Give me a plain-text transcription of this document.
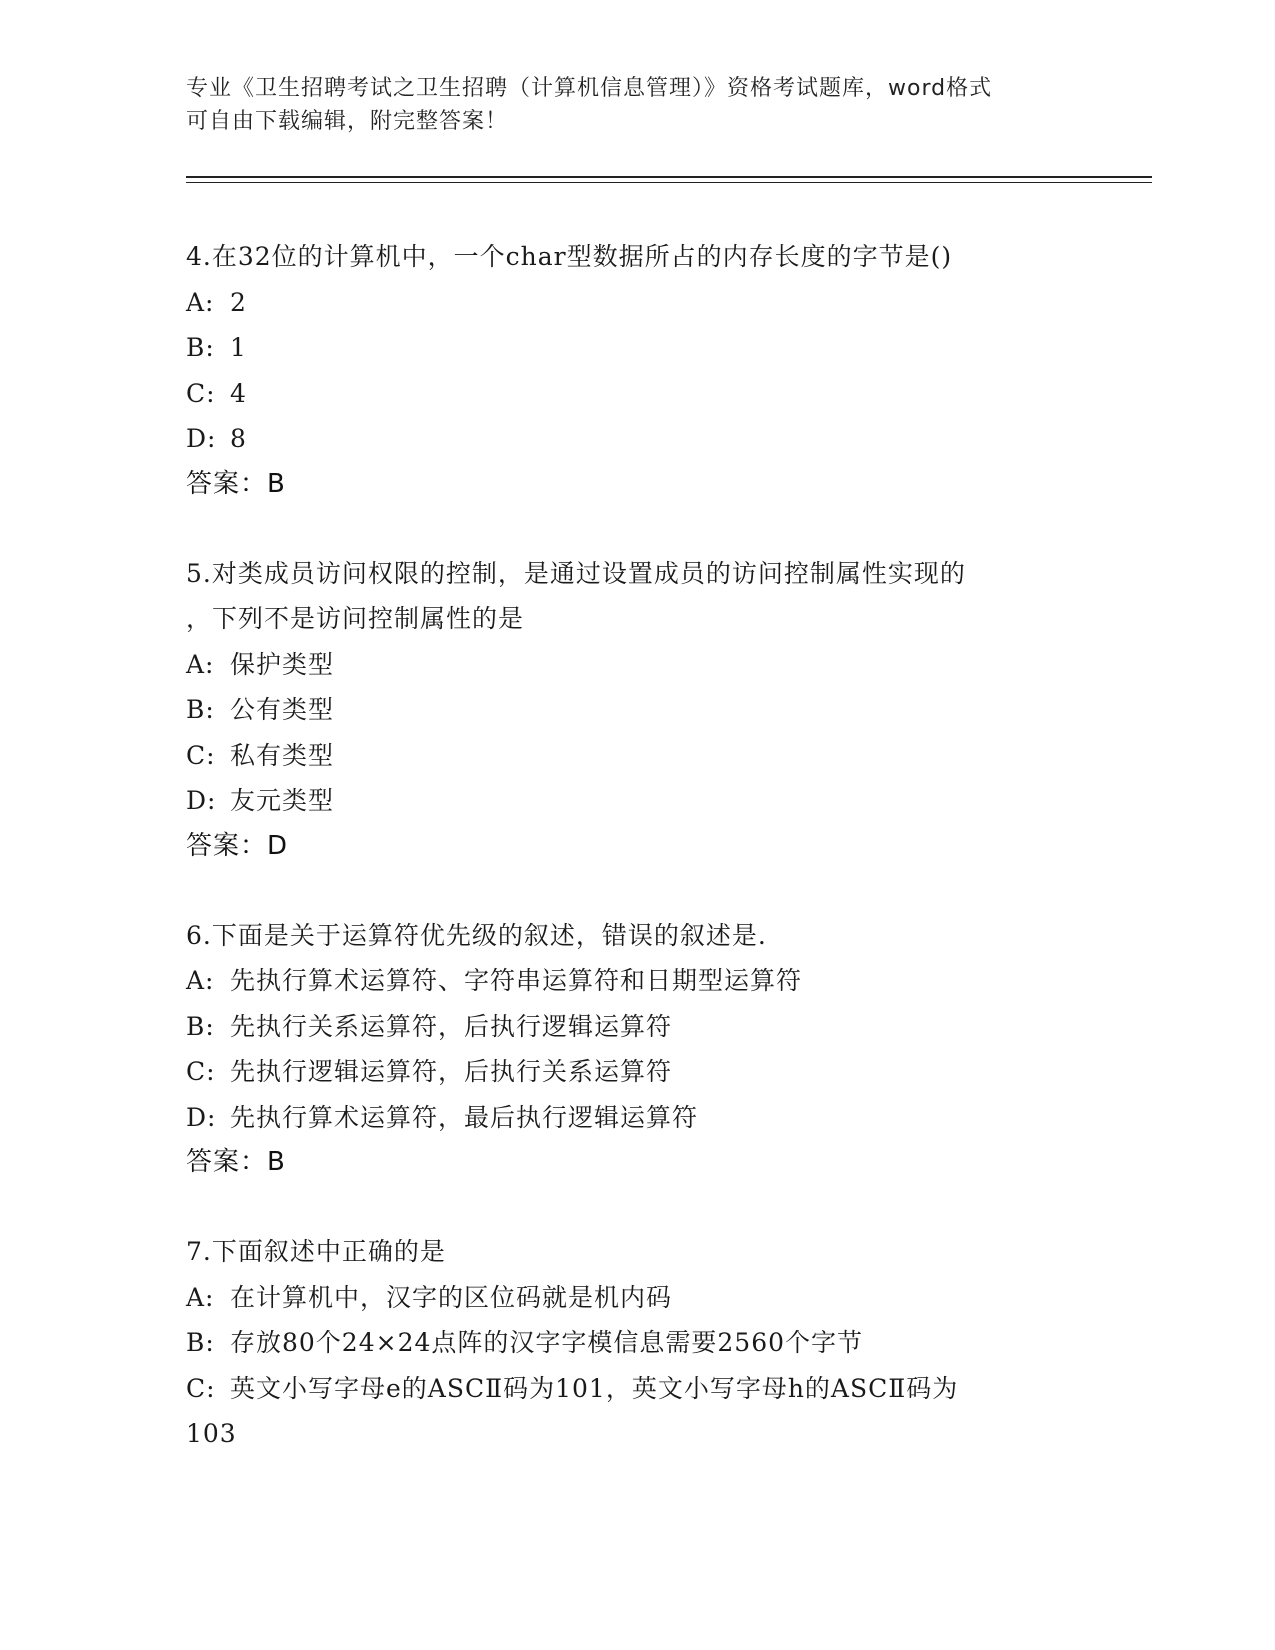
专业《卫生招聘考试之卫生招聘（计算机信息管理）》资格考试题库，word格式
可自由下载编辑，附完整答案！
4.在32位的计算机中，一个char型数据所占的内存长度的字节是()
A: 2
B: 1
C: 4
D: 8
答案：B
5.对类成员访问权限的控制，是通过设置成员的访问控制属性实现的
，下列不是访问控制属性的是
A: 保护类型
B: 公有类型
C: 私有类型
D: 友元类型
答案：D
6.下面是关于运算符优先级的叙述，错误的叙述是.
A: 先执行算术运算符、字符串运算符和日期型运算符
B: 先执行关系运算符，后执行逻辑运算符
C: 先执行逻辑运算符，后执行关系运算符
D: 先执行算术运算符，最后执行逻辑运算符
答案：B
7.下面叙述中正确的是
A: 在计算机中，汉字的区位码就是机内码
B: 存放80个24×24点阵的汉字字模信息需要2560个字节
C: 英文小写字母e的ASCⅡ码为101，英文小写字母h的ASCⅡ码为
103
